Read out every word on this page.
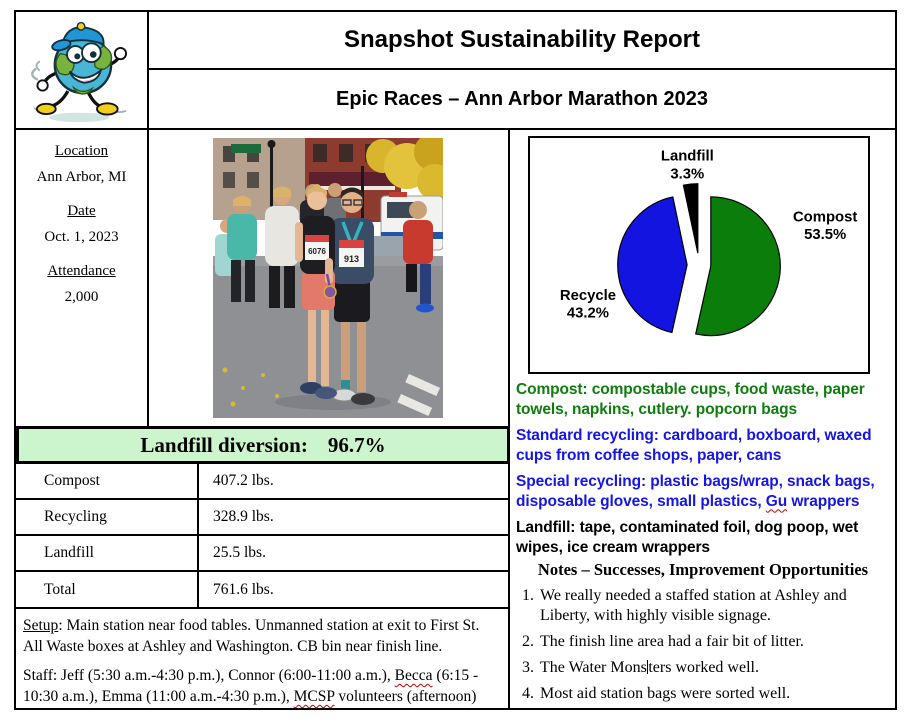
Snapshot Sustainability Report
Epic Races – Ann Arbor Marathon 2023
Location
Ann Arbor, MI
Date
Oct. 1, 2023
Attendance
2,000
913
6076
Compost 53.5%
Recycle 43.2%
Landfill 3.3%

Compost: compostable cups, food waste, paper towels, napkins, cutlery. popcorn bags

Standard recycling: cardboard, boxboard, waxed cups from coffee shops, paper, cans

Special recycling: plastic bags/wrap, snack bags, disposable gloves, small plastics, Gu wrappers

Landfill: tape, contaminated foil, dog poop, wet wipes, ice cream wrappers

Notes – Successes, Improvement Opportunities

1. We really needed a staffed station at Ashley and Liberty, with highly visible signage.
2. The finish line area had a fair bit of litter.
3. The Water Monsters worked well.
4. Most aid station bags were sorted well.
Landfill diversion: 96.7%
Compost	407.2 lbs.
Recycling	328.9 lbs.
Landfill	25.5 lbs.
Total	761.6 lbs.

Setup: Main station near food tables. Unmanned station at exit to First St. All Waste boxes at Ashley and Washington. CB bin near finish line.

Staff: Jeff (5:30 a.m.-4:30 p.m.), Connor (6:00-11:00 a.m.), Becca (6:15 - 10:30 a.m.), Emma (11:00 a.m.-4:30 p.m.), MCSP volunteers (afternoon)
